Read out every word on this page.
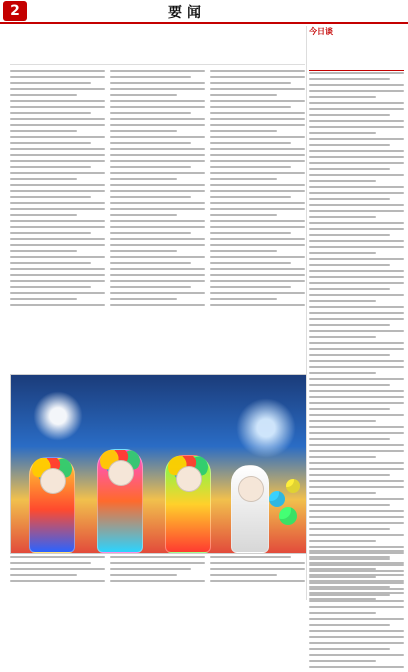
2	要闻
今日谈
